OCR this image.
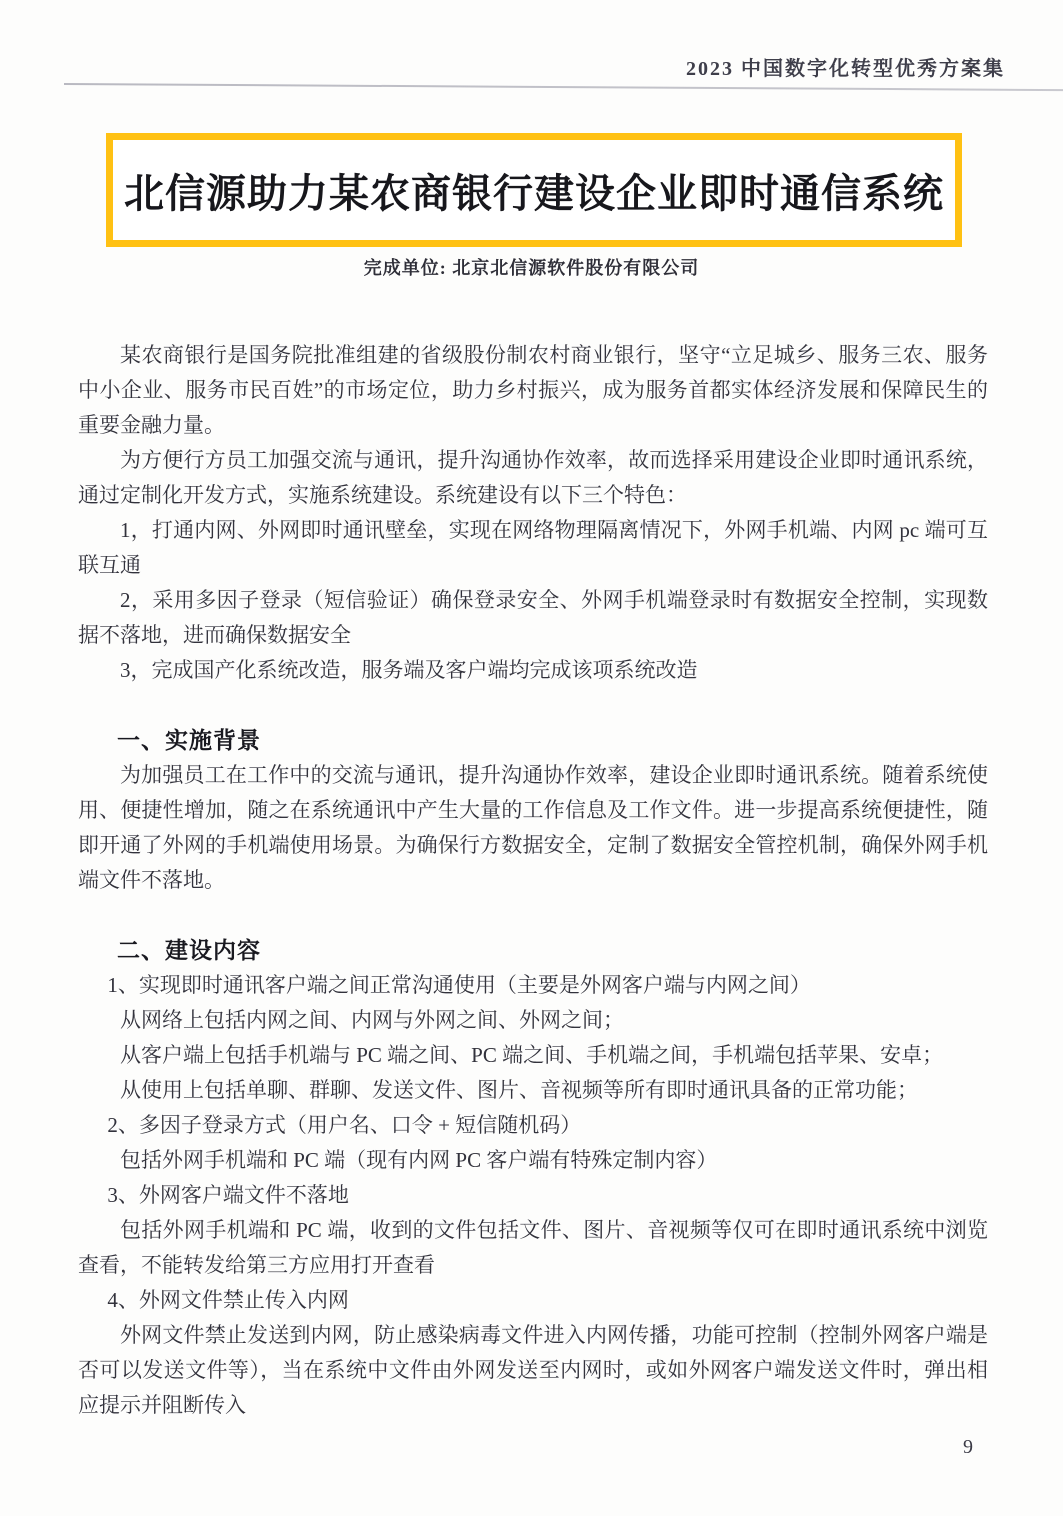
2023 中国数字化转型优秀方案集
北信源助力某农商银行建设企业即时通信系统
完成单位: 北京北信源软件股份有限公司

某农商银行是国务院批准组建的省级股份制农村商业银行，坚守“立足城乡、服务三农、服务中小企业、服务市民百姓”的市场定位，助力乡村振兴，成为服务首都实体经济发展和保障民生的重要金融力量。

为方便行方员工加强交流与通讯，提升沟通协作效率，故而选择采用建设企业即时通讯系统，通过定制化开发方式，实施系统建设。系统建设有以下三个特色：

1，打通内网、外网即时通讯壁垒，实现在网络物理隔离情况下，外网手机端、内网 pc 端可互联互通

2，采用多因子登录（短信验证）确保登录安全、外网手机端登录时有数据安全控制，实现数据不落地，进而确保数据安全

3，完成国产化系统改造，服务端及客户端均完成该项系统改造

一、实施背景

为加强员工在工作中的交流与通讯，提升沟通协作效率，建设企业即时通讯系统。随着系统使用、便捷性增加，随之在系统通讯中产生大量的工作信息及工作文件。进一步提高系统便捷性，随即开通了外网的手机端使用场景。为确保行方数据安全，定制了数据安全管控机制，确保外网手机端文件不落地。

二、建设内容

1、实现即时通讯客户端之间正常沟通使用（主要是外网客户端与内网之间）

从网络上包括内网之间、内网与外网之间、外网之间；

从客户端上包括手机端与 PC 端之间、PC 端之间、手机端之间，手机端包括苹果、安卓；

从使用上包括单聊、群聊、发送文件、图片、音视频等所有即时通讯具备的正常功能；

2、多因子登录方式（用户名、口令 + 短信随机码）

包括外网手机端和 PC 端（现有内网 PC 客户端有特殊定制内容）

3、外网客户端文件不落地

包括外网手机端和 PC 端，收到的文件包括文件、图片、音视频等仅可在即时通讯系统中浏览查看，不能转发给第三方应用打开查看

4、外网文件禁止传入内网

外网文件禁止发送到内网，防止感染病毒文件进入内网传播，功能可控制（控制外网客户端是否可以发送文件等），当在系统中文件由外网发送至内网时，或如外网客户端发送文件时，弹出相应提示并阻断传入

9
